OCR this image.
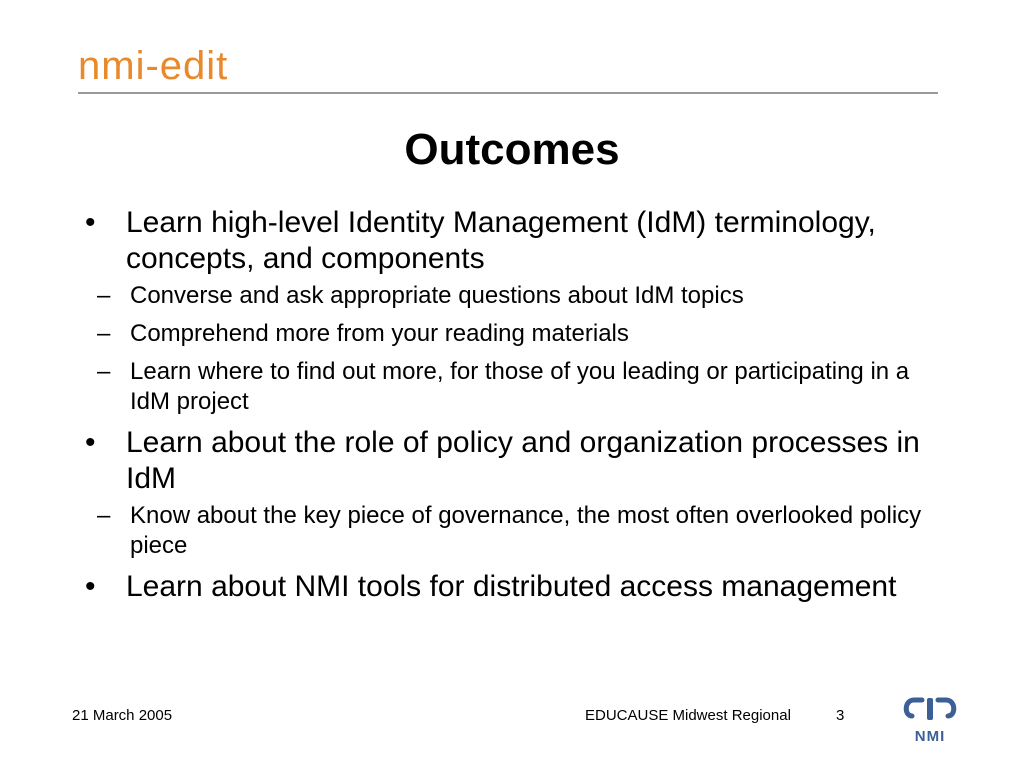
nmi-edit
Outcomes
•	Learn high-level Identity Management (IdM) terminology, concepts, and components
– Converse and ask appropriate questions about IdM topics
– Comprehend more from your reading materials
– Learn where to find out more, for those of you leading or participating in a IdM project
•	Learn about the role of policy and organization processes in IdM
– Know about the key piece of governance, the most often overlooked policy piece
•	Learn about NMI tools for distributed access management
21 March 2005	EDUCAUSE Midwest Regional	3
NMI
